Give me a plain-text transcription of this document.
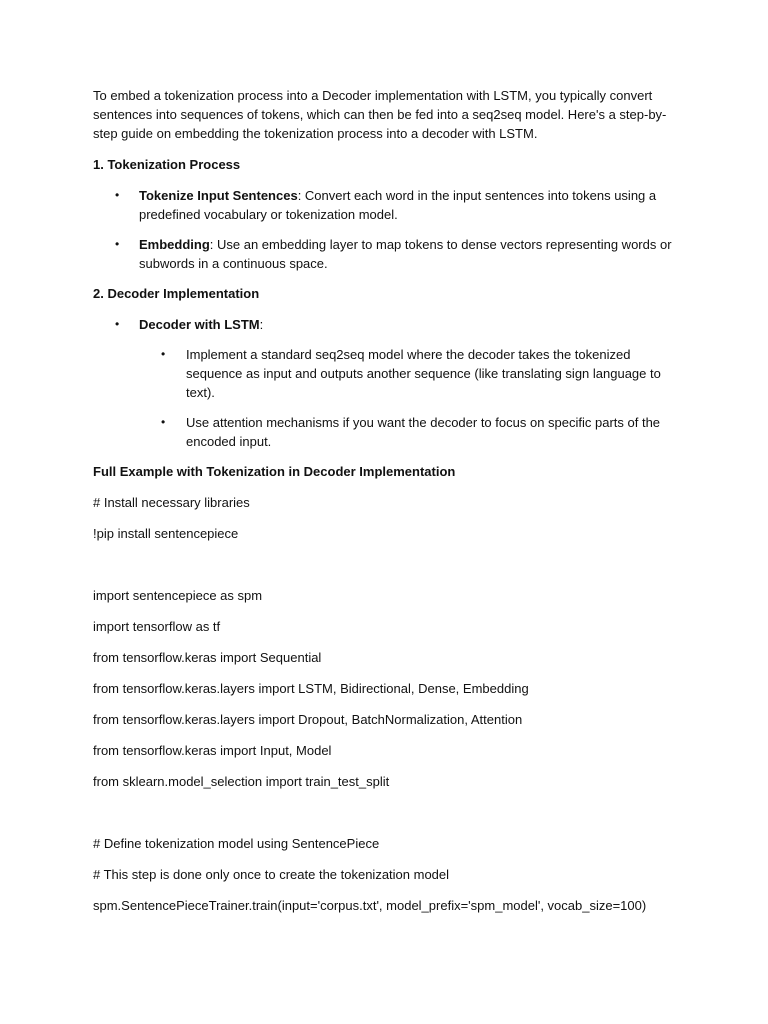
To embed a tokenization process into a Decoder implementation with LSTM, you typically convert sentences into sequences of tokens, which can then be fed into a seq2seq model. Here's a step-by-step guide on embedding the tokenization process into a decoder with LSTM.

1. Tokenization Process

• Tokenize Input Sentences: Convert each word in the input sentences into tokens using a predefined vocabulary or tokenization model.
• Embedding: Use an embedding layer to map tokens to dense vectors representing words or subwords in a continuous space.

2. Decoder Implementation

• Decoder with LSTM:
• Implement a standard seq2seq model where the decoder takes the tokenized sequence as input and outputs another sequence (like translating sign language to text).
• Use attention mechanisms if you want the decoder to focus on specific parts of the encoded input.

Full Example with Tokenization in Decoder Implementation

# Install necessary libraries

!pip install sentencepiece

import sentencepiece as spm

import tensorflow as tf

from tensorflow.keras import Sequential

from tensorflow.keras.layers import LSTM, Bidirectional, Dense, Embedding

from tensorflow.keras.layers import Dropout, BatchNormalization, Attention

from tensorflow.keras import Input, Model

from sklearn.model_selection import train_test_split

# Define tokenization model using SentencePiece

# This step is done only once to create the tokenization model

spm.SentencePieceTrainer.train(input='corpus.txt', model_prefix='spm_model', vocab_size=100)
